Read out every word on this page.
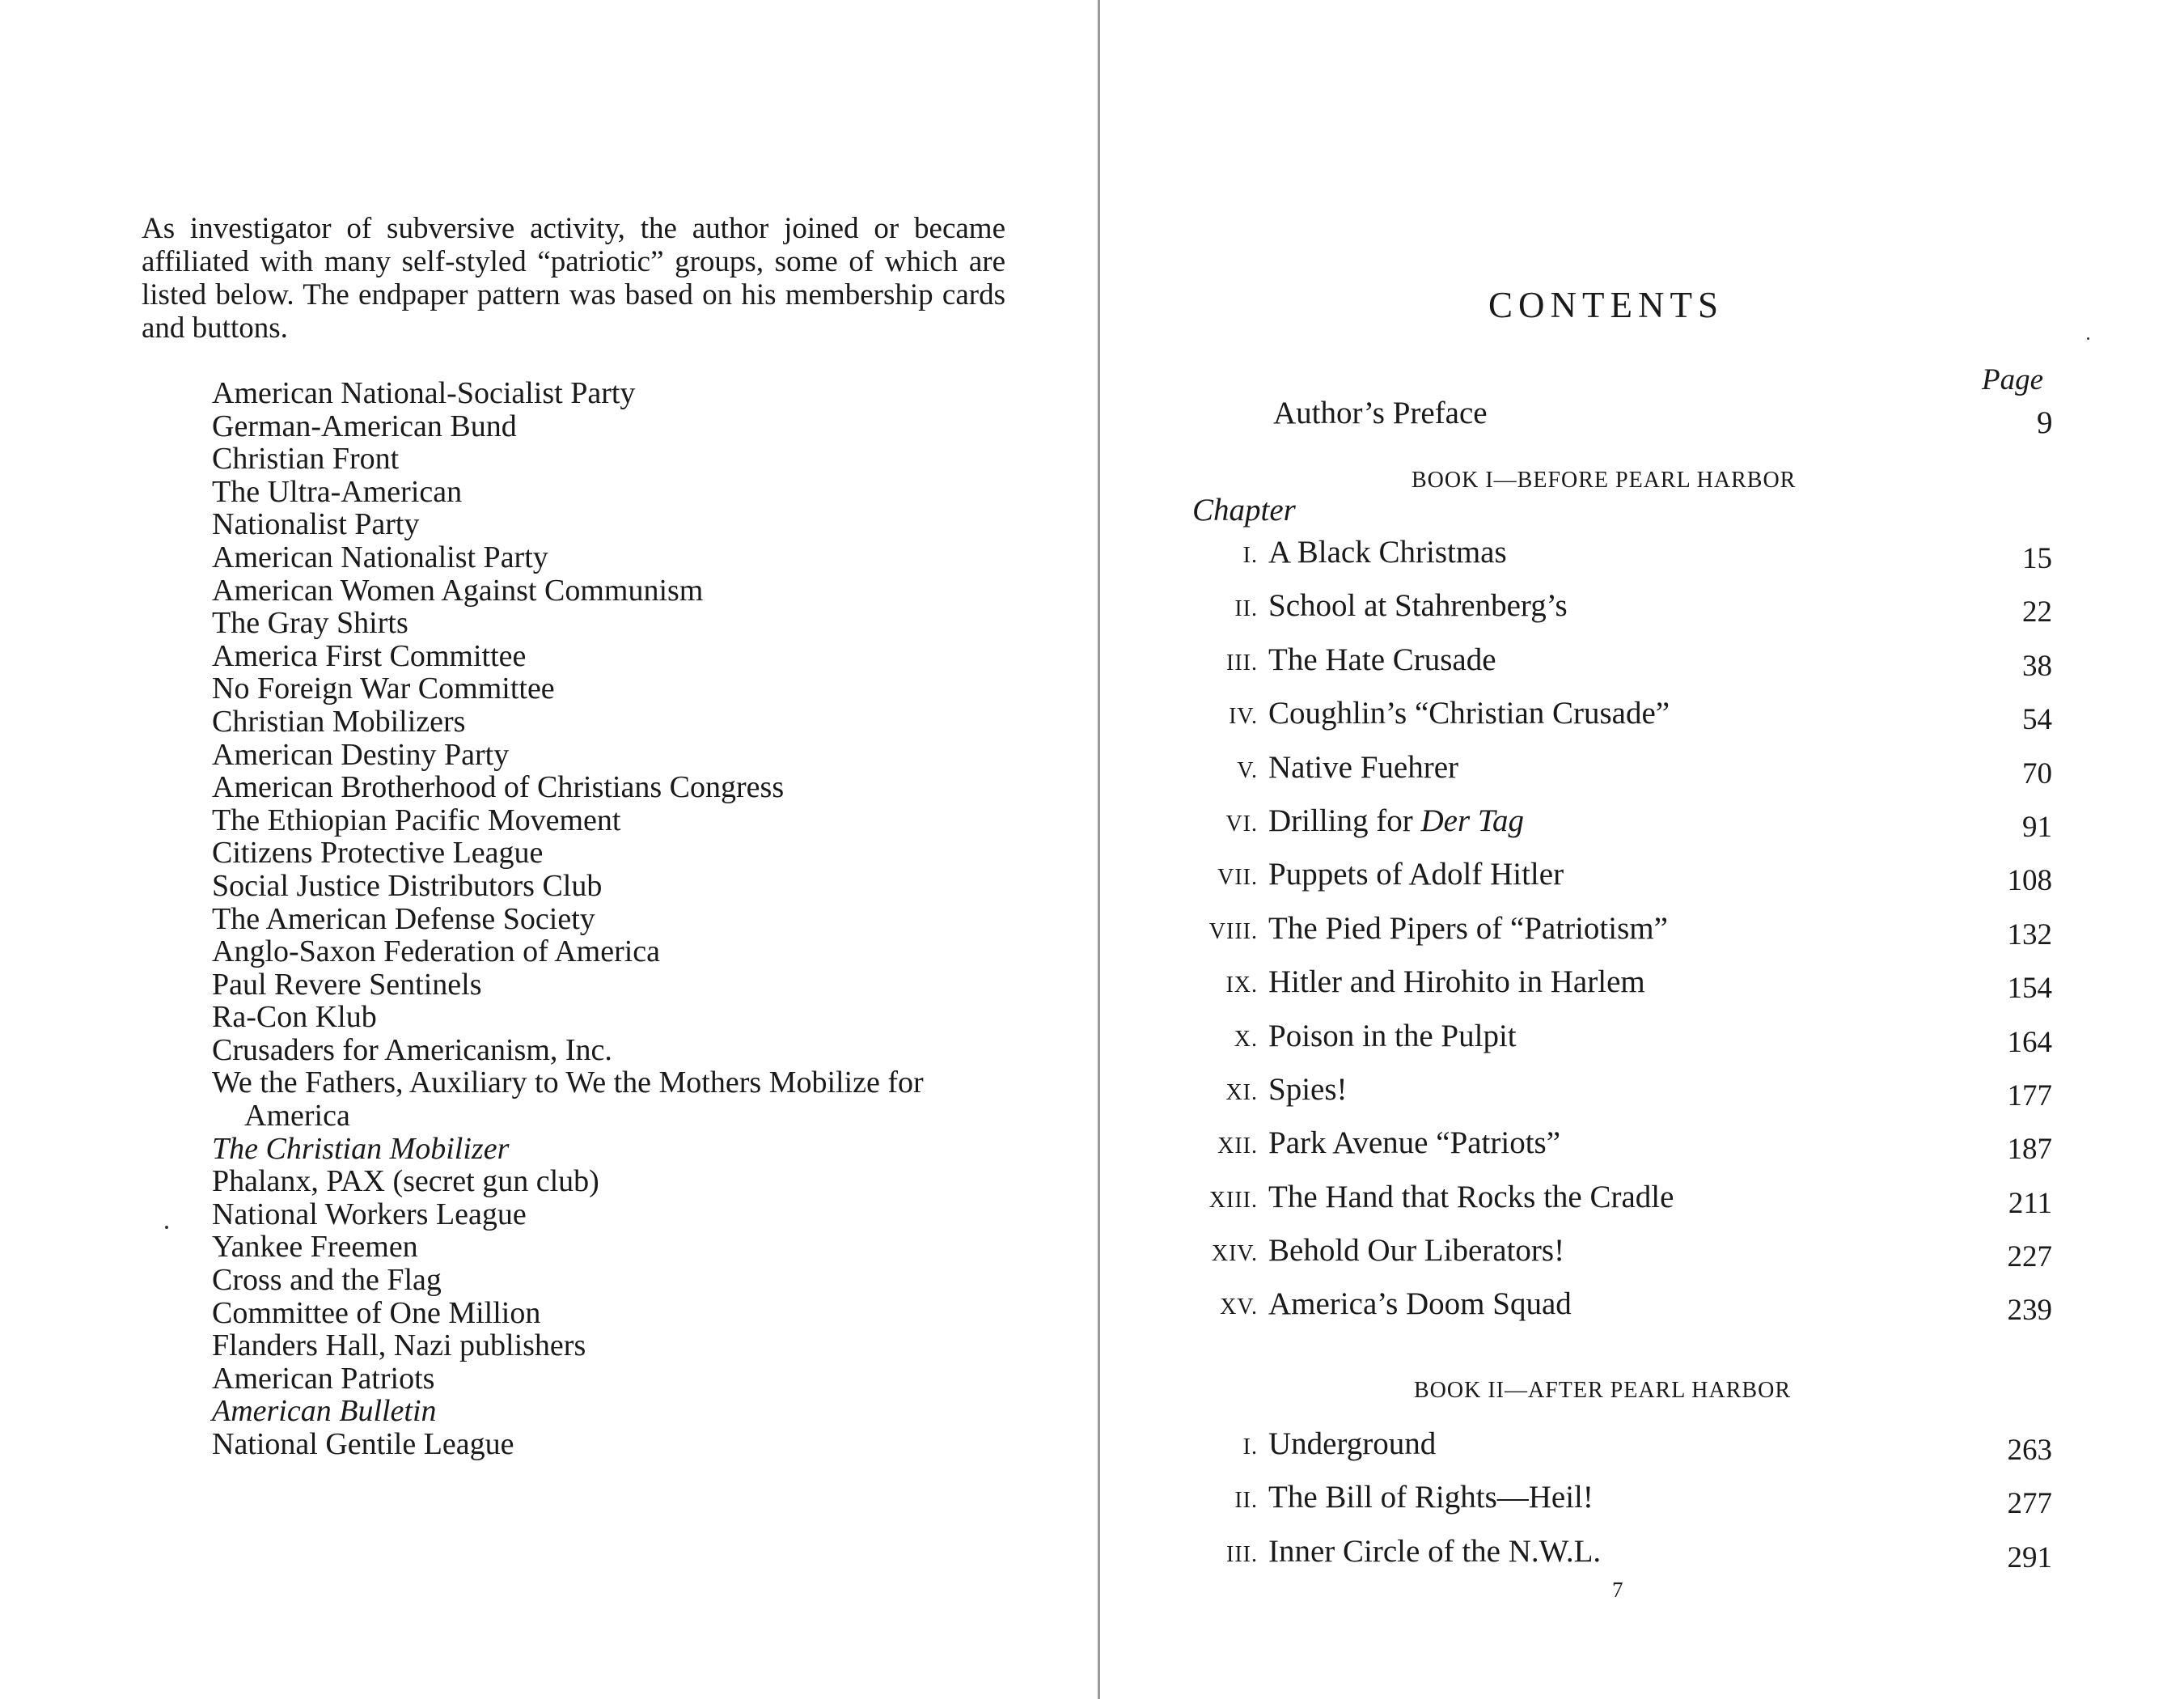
As investigator of subversive activity, the author joined or became affiliated with many self-styled “patriotic” groups, some of which are listed below. The endpaper pattern was based on his membership cards and buttons.

American National-Socialist Party
German-American Bund
Christian Front
The Ultra-American
Nationalist Party
American Nationalist Party
American Women Against Communism
The Gray Shirts
America First Committee
No Foreign War Committee
Christian Mobilizers
American Destiny Party
American Brotherhood of Christians Congress
The Ethiopian Pacific Movement
Citizens Protective League
Social Justice Distributors Club
The American Defense Society
Anglo-Saxon Federation of America
Paul Revere Sentinels
Ra-Con Klub
Crusaders for Americanism, Inc.
We the Fathers, Auxiliary to We the Mothers Mobilize for
America
The Christian Mobilizer
Phalanx, PAX (secret gun club)
National Workers League
Yankee Freemen
Cross and the Flag
Committee of One Million
Flanders Hall, Nazi publishers
American Patriots
American Bulletin
National Gentile League
CONTENTS
Page
Author’s Preface	9
BOOK I—BEFORE PEARL HARBOR
Chapter
I. A Black Christmas	15
II. School at Stahrenberg’s	22
III. The Hate Crusade	38
IV. Coughlin’s “Christian Crusade”	54
V. Native Fuehrer	70
VI. Drilling for Der Tag	91
VII. Puppets of Adolf Hitler	108
VIII. The Pied Pipers of “Patriotism”	132
IX. Hitler and Hirohito in Harlem	154
X. Poison in the Pulpit	164
XI. Spies!	177
XII. Park Avenue “Patriots”	187
XIII. The Hand that Rocks the Cradle	211
XIV. Behold Our Liberators!	227
XV. America’s Doom Squad	239
BOOK II—AFTER PEARL HARBOR
I. Underground	263
II. The Bill of Rights—Heil!	277
III. Inner Circle of the N.W.L.	291
7
